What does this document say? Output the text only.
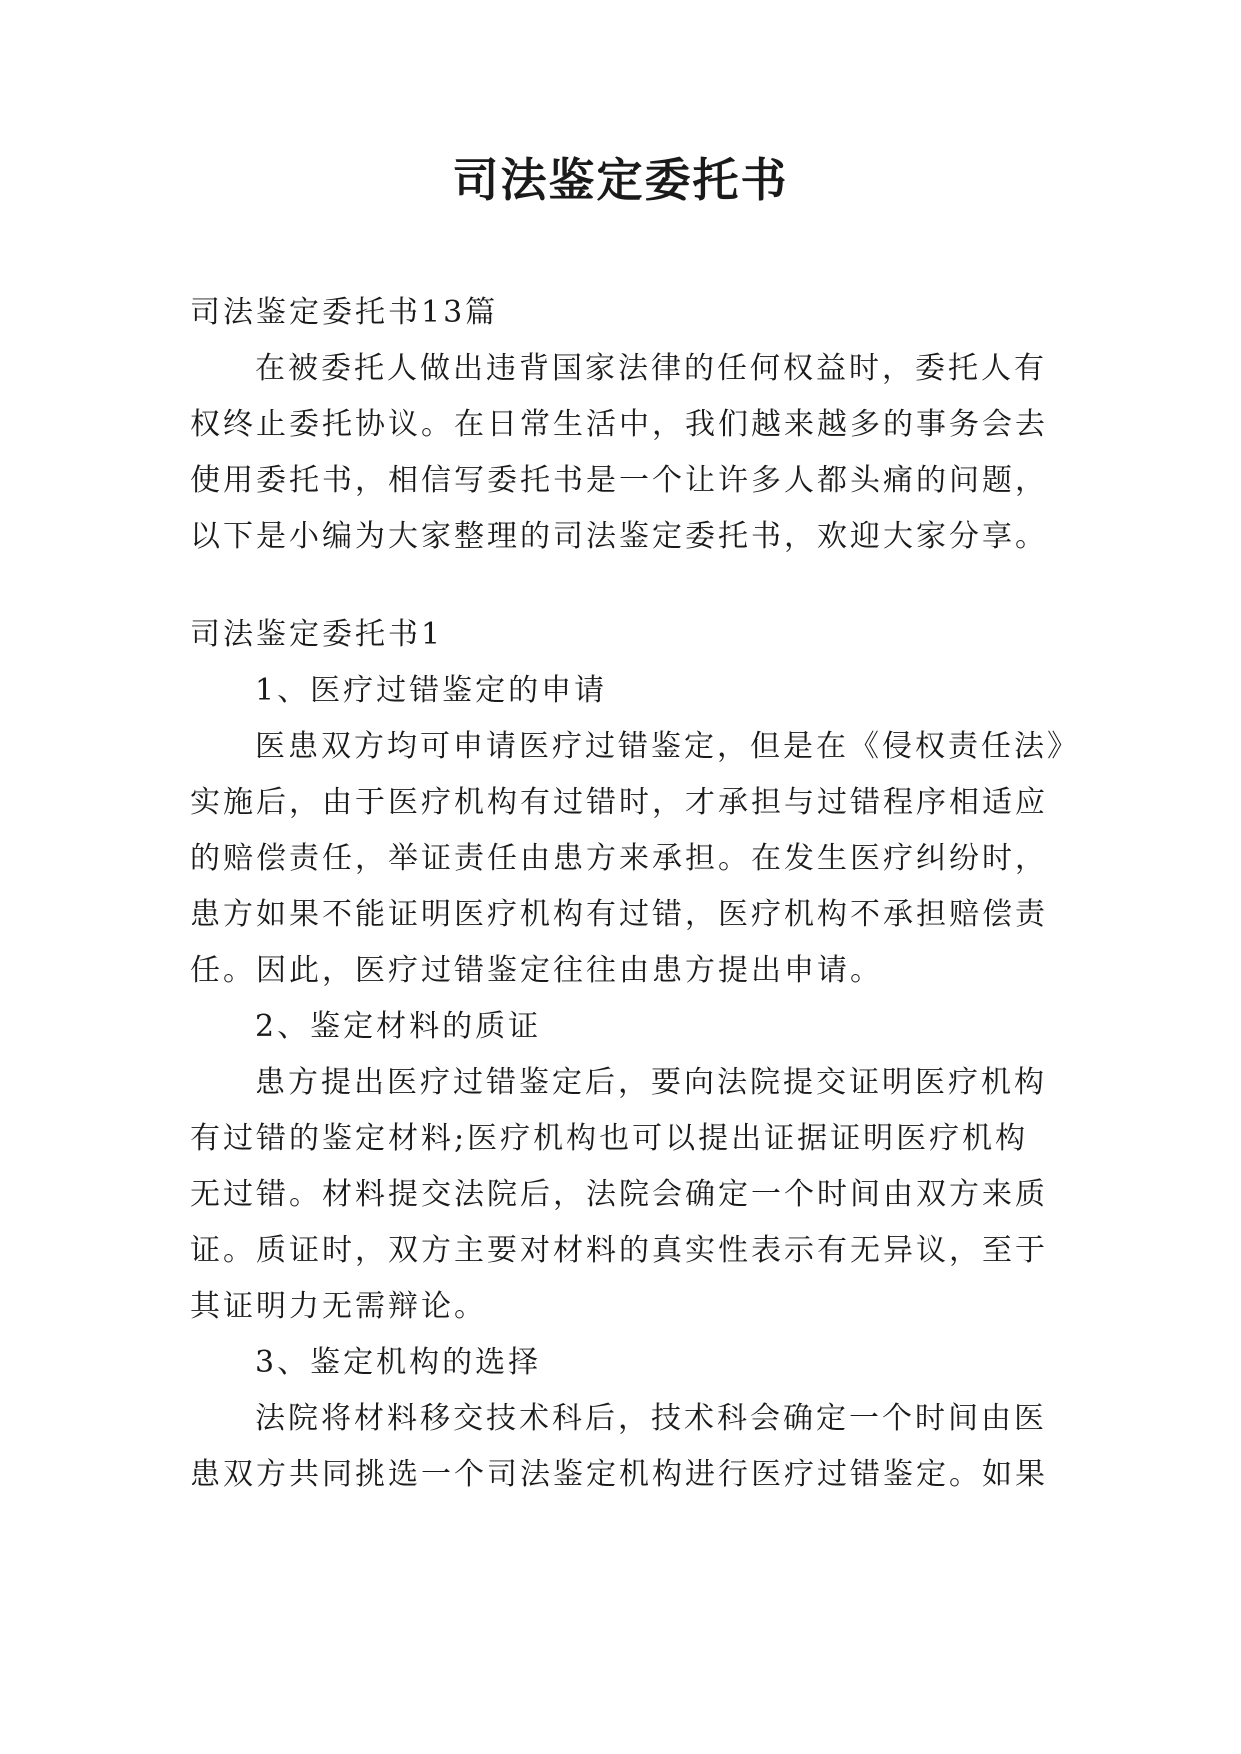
司法鉴定委托书

司法鉴定委托书13篇

在被委托人做出违背国家法律的任何权益时，委托人有

权终止委托协议。在日常生活中，我们越来越多的事务会去

使用委托书，相信写委托书是一个让许多人都头痛的问题，

以下是小编为大家整理的司法鉴定委托书，欢迎大家分享。

司法鉴定委托书1

1、医疗过错鉴定的申请

医患双方均可申请医疗过错鉴定，但是在《侵权责任法》

实施后，由于医疗机构有过错时，才承担与过错程序相适应

的赔偿责任，举证责任由患方来承担。在发生医疗纠纷时，

患方如果不能证明医疗机构有过错，医疗机构不承担赔偿责

任。因此，医疗过错鉴定往往由患方提出申请。

2、鉴定材料的质证

患方提出医疗过错鉴定后，要向法院提交证明医疗机构

有过错的鉴定材料;医疗机构也可以提出证据证明医疗机构

无过错。材料提交法院后，法院会确定一个时间由双方来质

证。质证时，双方主要对材料的真实性表示有无异议，至于

其证明力无需辩论。

3、鉴定机构的选择

法院将材料移交技术科后，技术科会确定一个时间由医

患双方共同挑选一个司法鉴定机构进行医疗过错鉴定。如果
